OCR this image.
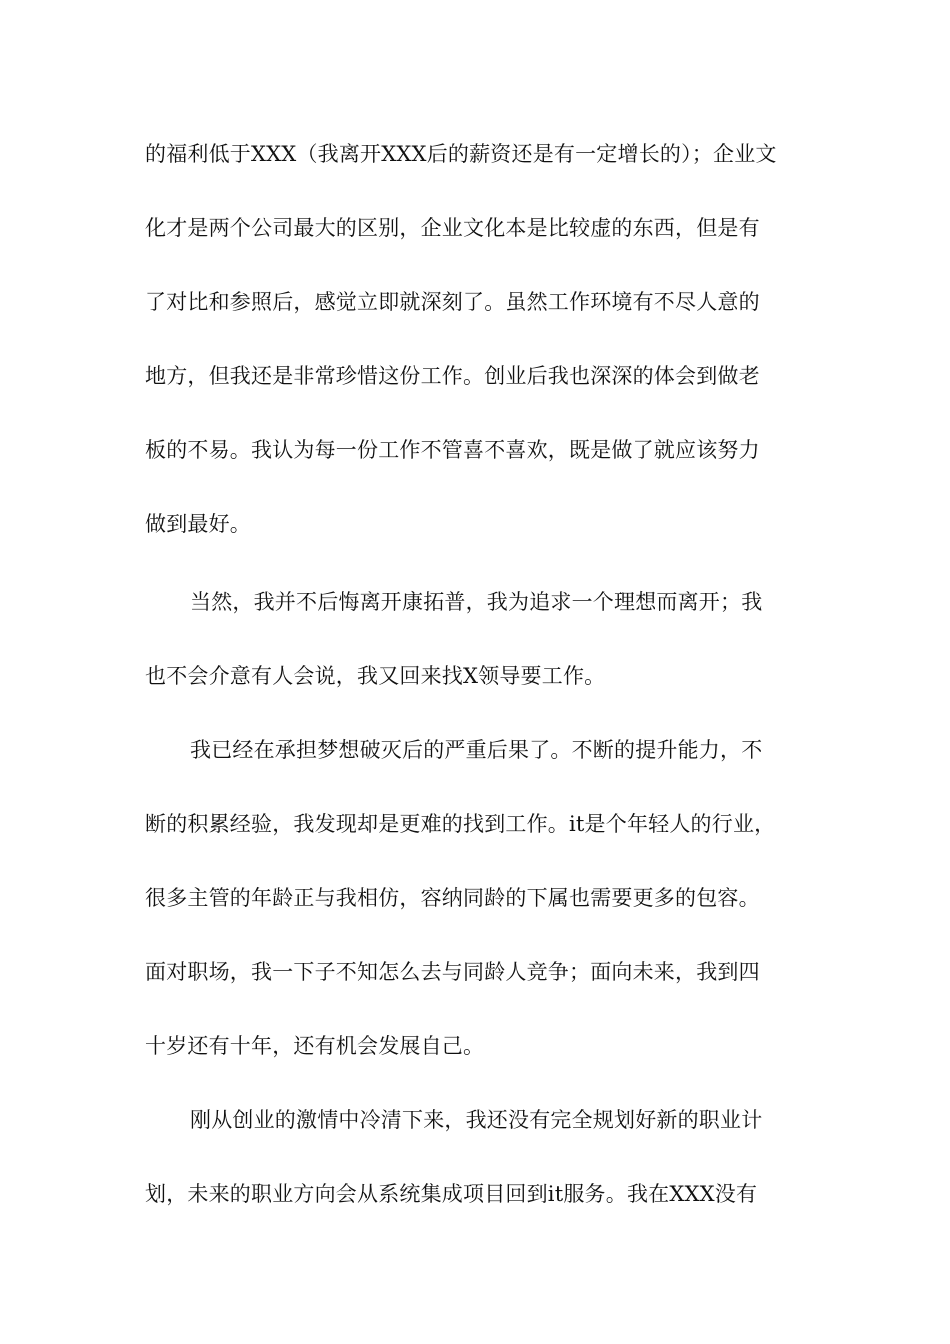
的福利低于XXX（我离开XXX后的薪资还是有一定增长的）；企业文
化才是两个公司最大的区别，企业文化本是比较虚的东西，但是有
了对比和参照后，感觉立即就深刻了。虽然工作环境有不尽人意的
地方，但我还是非常珍惜这份工作。创业后我也深深的体会到做老
板的不易。我认为每一份工作不管喜不喜欢，既是做了就应该努力
做到最好。
当然，我并不后悔离开康拓普，我为追求一个理想而离开；我
也不会介意有人会说，我又回来找X领导要工作。
我已经在承担梦想破灭后的严重后果了。不断的提升能力，不
断的积累经验，我发现却是更难的找到工作。it是个年轻人的行业，
很多主管的年龄正与我相仿，容纳同龄的下属也需要更多的包容。
面对职场，我一下子不知怎么去与同龄人竞争；面向未来，我到四
十岁还有十年，还有机会发展自己。
刚从创业的激情中冷清下来，我还没有完全规划好新的职业计
划，未来的职业方向会从系统集成项目回到it服务。我在XXX没有
